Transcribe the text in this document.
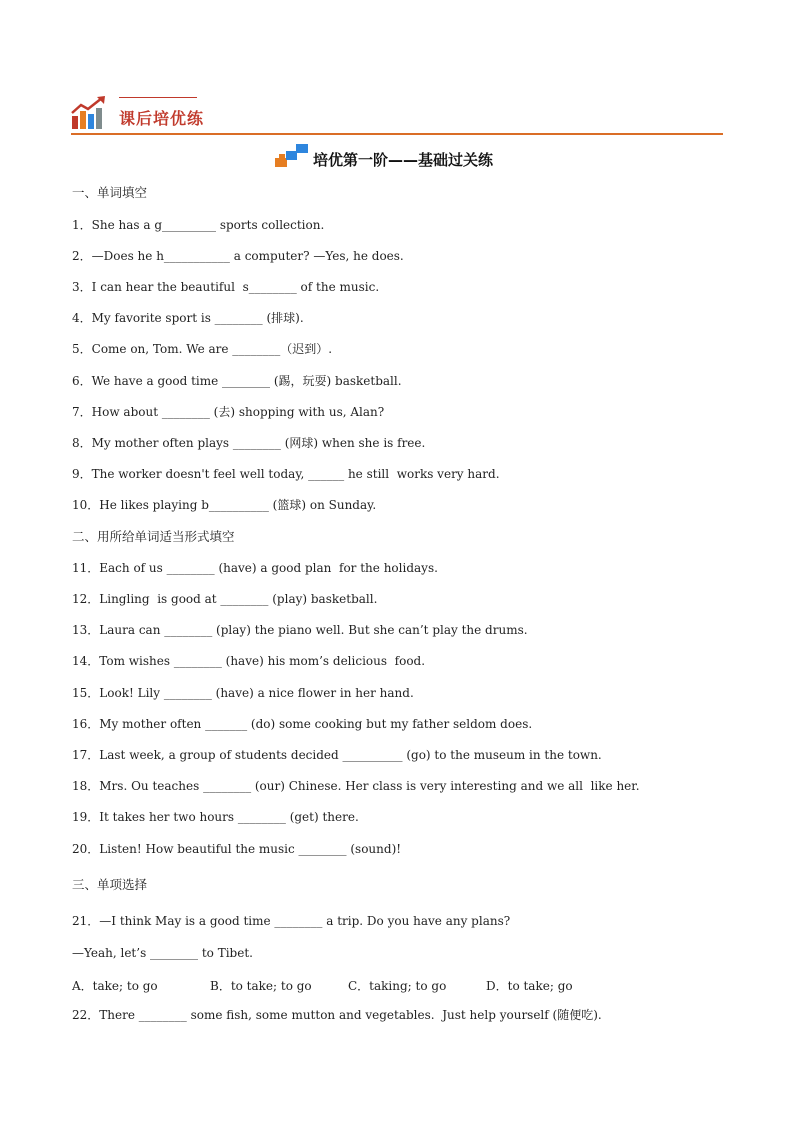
课后培优练
培优第一阶——基础过关练
一、单词填空
1．She has a g_________ sports collection.
2．—Does he h___________ a computer? —Yes, he does.
3．I can hear the beautiful  s________ of the music.
4．My favorite sport is ________ (排球).
5．Come on, Tom. We are ________（迟到）.
6．We have a good time ________ (踢，玩耍) basketball.
7．How about ________ (去) shopping with us, Alan?
8．My mother often plays ________ (网球) when she is free.
9．The worker doesn't feel well today, ______ he still  works very hard.
10．He likes playing b__________ (篮球) on Sunday.
二、用所给单词适当形式填空
11．Each of us ________ (have) a good plan  for the holidays.
12．Lingling  is good at ________ (play) basketball.
13．Laura can ________ (play) the piano well. But she can’t play the drums.
14．Tom wishes ________ (have) his mom’s delicious  food.
15．Look! Lily ________ (have) a nice flower in her hand.
16．My mother often _______ (do) some cooking but my father seldom does.
17．Last week, a group of students decided __________ (go) to the museum in the town.
18．Mrs. Ou teaches ________ (our) Chinese. Her class is very interesting and we all  like her.
19．It takes her two hours ________ (get) there.
20．Listen! How beautiful the music ________ (sound)!
三、单项选择
21．—I think May is a good time ________ a trip. Do you have any plans?
—Yeah, let’s ________ to Tibet.
A．take; to go	B．to take; to go	C．taking; to go	D．to take; go
22．There ________ some fish, some mutton and vegetables.  Just help yourself (随便吃).
